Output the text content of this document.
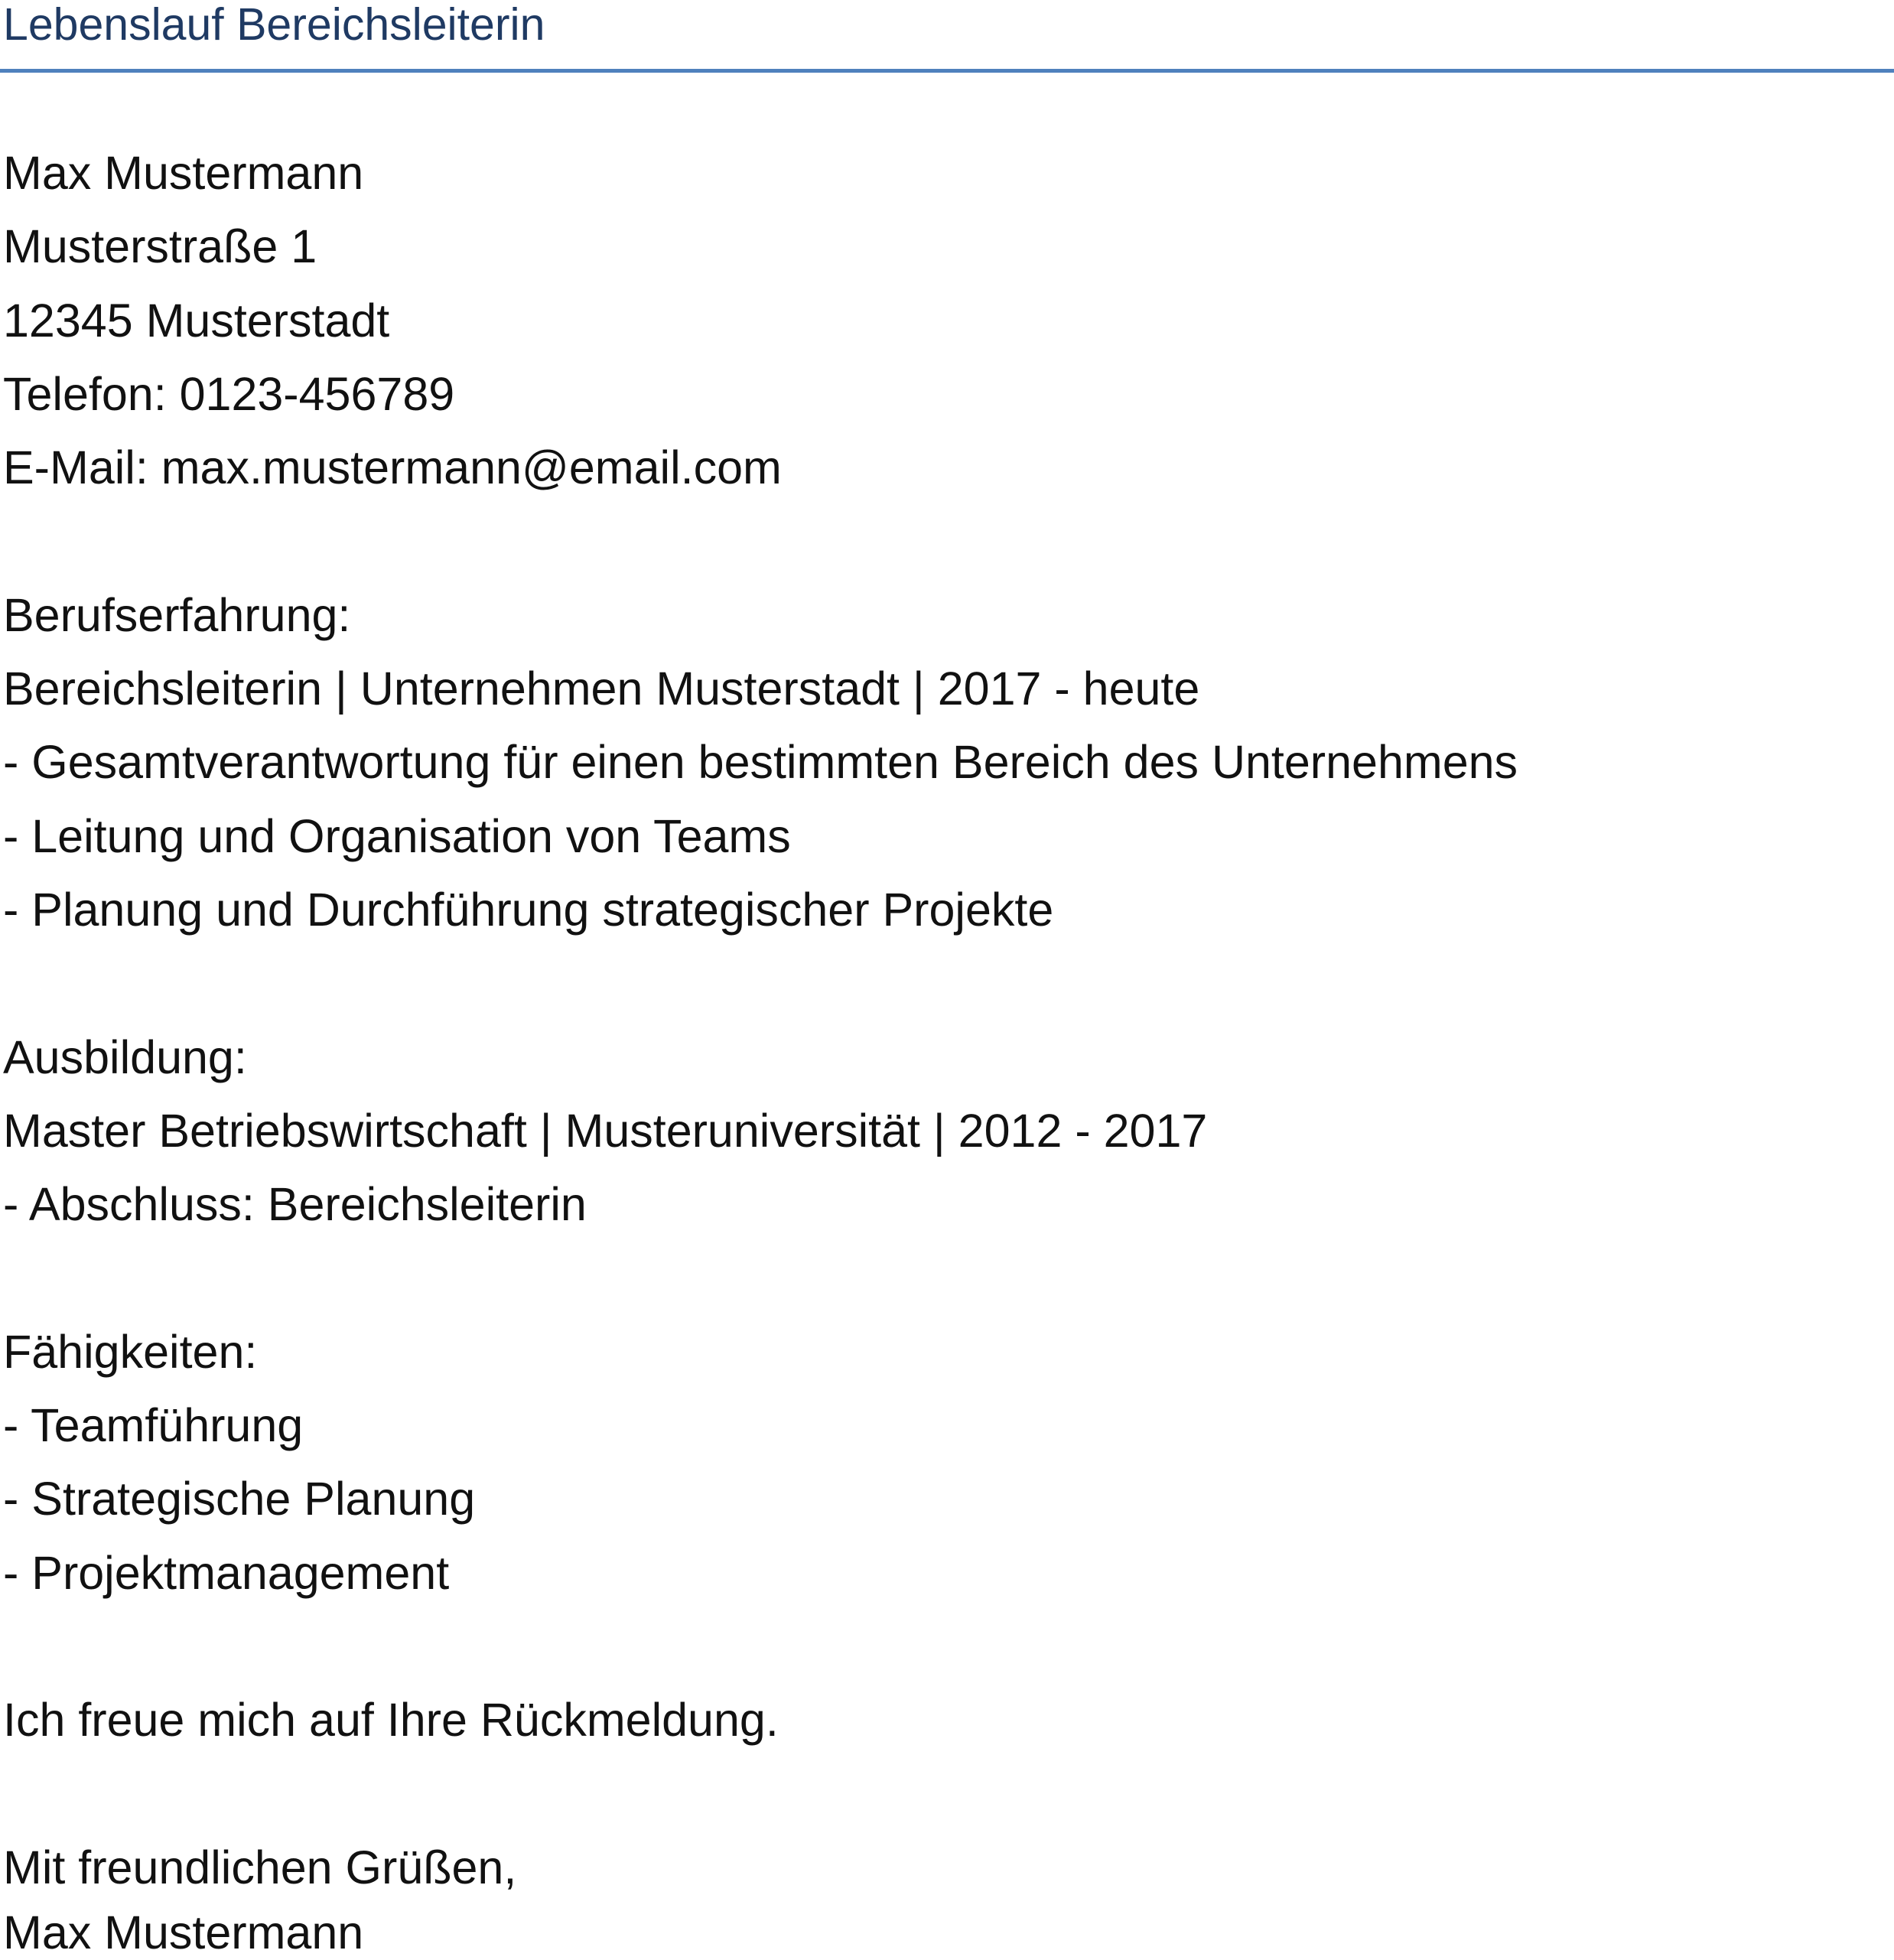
Lebenslauf Bereichsleiterin
Max Mustermann
Musterstraße 1
12345 Musterstadt
Telefon: 0123-456789
E-Mail: max.mustermann@email.com
Berufserfahrung:
Bereichsleiterin | Unternehmen Musterstadt | 2017 - heute
- Gesamtverantwortung für einen bestimmten Bereich des Unternehmens
- Leitung und Organisation von Teams
- Planung und Durchführung strategischer Projekte
Ausbildung:
Master Betriebswirtschaft | Musteruniversität | 2012 - 2017
- Abschluss: Bereichsleiterin
Fähigkeiten:
- Teamführung
- Strategische Planung
- Projektmanagement
Ich freue mich auf Ihre Rückmeldung.
Mit freundlichen Grüßen,
Max Mustermann
